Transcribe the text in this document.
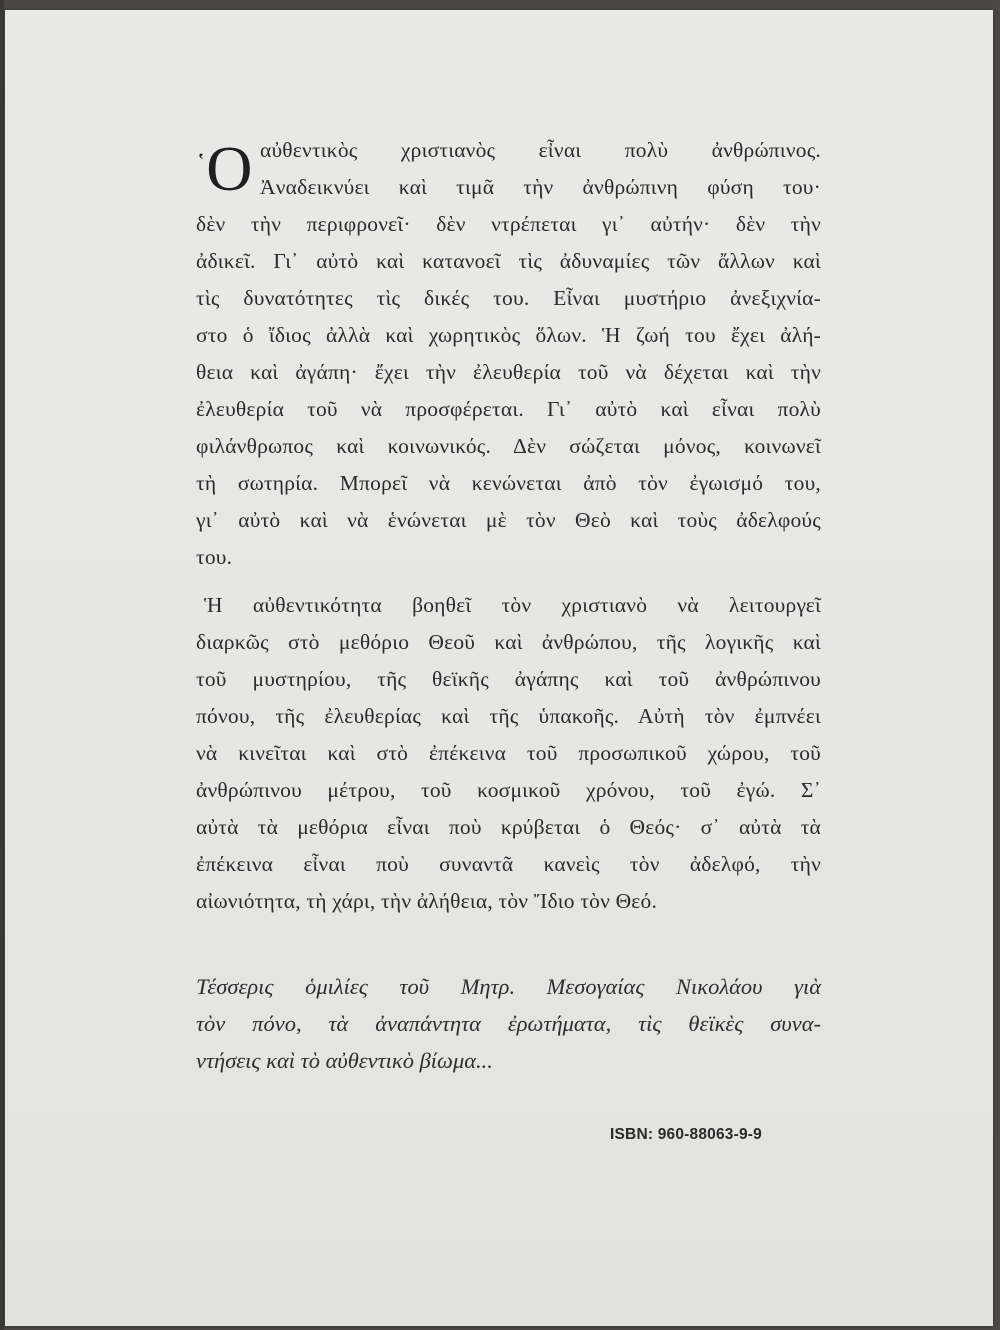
῾Ο αὐθεντικὸς χριστιανὸς εἶναι πολὺ ἀνθρώπινος.
Ἀναδεικνύει καὶ τιμᾶ τὴν ἀνθρώπινη φύση του·
δὲν τὴν περιφρονεῖ· δὲν ντρέπεται γι᾽ αὐτήν· δὲν τὴν
ἀδικεῖ. Γι᾽ αὐτὸ καὶ κατανοεῖ τὶς ἀδυναμίες τῶν ἄλλων καὶ
τὶς δυνατότητες τὶς δικές του. Εἶναι μυστήριο ἀνεξιχνία-
στο ὁ ἴδιος ἀλλὰ καὶ χωρητικὸς ὅλων. Ἡ ζωή του ἔχει ἀλή-
θεια καὶ ἀγάπη· ἔχει τὴν ἐλευθερία τοῦ νὰ δέχεται καὶ τὴν
ἐλευθερία τοῦ νὰ προσφέρεται. Γι᾽ αὐτὸ καὶ εἶναι πολὺ
φιλάνθρωπος καὶ κοινωνικός. Δὲν σώζεται μόνος, κοινωνεῖ
τὴ σωτηρία. Μπορεῖ νὰ κενώνεται ἀπὸ τὸν ἐγωισμό του,
γι᾽ αὐτὸ καὶ νὰ ἑνώνεται μὲ τὸν Θεὸ καὶ τοὺς ἀδελφούς
του.
Ἡ αὐθεντικότητα βοηθεῖ τὸν χριστιανὸ νὰ λειτουργεῖ
διαρκῶς στὸ μεθόριο Θεοῦ καὶ ἀνθρώπου, τῆς λογικῆς καὶ
τοῦ μυστηρίου, τῆς θεϊκῆς ἀγάπης καὶ τοῦ ἀνθρώπινου
πόνου, τῆς ἐλευθερίας καὶ τῆς ὑπακοῆς. Αὐτὴ τὸν ἐμπνέει
νὰ κινεῖται καὶ στὸ ἐπέκεινα τοῦ προσωπικοῦ χώρου, τοῦ
ἀνθρώπινου μέτρου, τοῦ κοσμικοῦ χρόνου, τοῦ ἐγώ. Σ᾽
αὐτὰ τὰ μεθόρια εἶναι ποὺ κρύβεται ὁ Θεός· σ᾽ αὐτὰ τὰ
ἐπέκεινα εἶναι ποὺ συναντᾶ κανεὶς τὸν ἀδελφό, τὴν
αἰωνιότητα, τὴ χάρι, τὴν ἀλήθεια, τὸν Ἴδιο τὸν Θεό.
Τέσσερις ὁμιλίες τοῦ Μητρ. Μεσογαίας Νικολάου γιὰ
τὸν πόνο, τὰ ἀναπάντητα ἐρωτήματα, τὶς θεϊκὲς συνα-
ντήσεις καὶ τὸ αὐθεντικὸ βίωμα...
ISBN: 960-88063-9-9
